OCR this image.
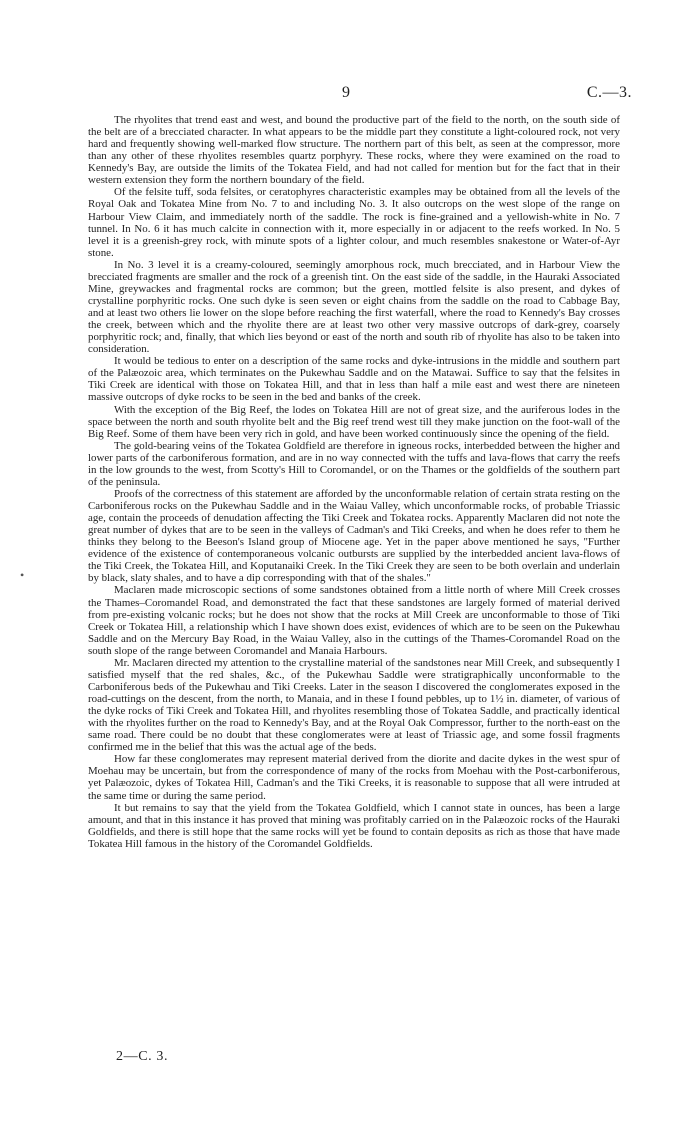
9	C.—3.
•

The rhyolites that trend east and west, and bound the productive part of the field to the north, on the south side of the belt are of a brecciated character. In what appears to be the middle part they constitute a light-coloured rock, not very hard and frequently showing well-marked flow structure. The northern part of this belt, as seen at the compressor, more than any other of these rhyolites resembles quartz porphyry. These rocks, where they were examined on the road to Kennedy's Bay, are outside the limits of the Tokatea Field, and had not called for mention but for the fact that in their western extension they form the northern boundary of the field.

Of the felsite tuff, soda felsites, or ceratophyres characteristic examples may be obtained from all the levels of the Royal Oak and Tokatea Mine from No. 7 to and including No. 3. It also outcrops on the west slope of the range on Harbour View Claim, and immediately north of the saddle. The rock is fine-grained and a yellowish-white in No. 7 tunnel. In No. 6 it has much calcite in connection with it, more especially in or adjacent to the reefs worked. In No. 5 level it is a greenish-grey rock, with minute spots of a lighter colour, and much resembles snakestone or Water-of-Ayr stone.

In No. 3 level it is a creamy-coloured, seemingly amorphous rock, much brecciated, and in Harbour View the brecciated fragments are smaller and the rock of a greenish tint. On the east side of the saddle, in the Hauraki Associated Mine, greywackes and fragmental rocks are common; but the green, mottled felsite is also present, and dykes of crystalline porphyritic rocks. One such dyke is seen seven or eight chains from the saddle on the road to Cabbage Bay, and at least two others lie lower on the slope before reaching the first waterfall, where the road to Kennedy's Bay crosses the creek, between which and the rhyolite there are at least two other very massive outcrops of dark-grey, coarsely porphyritic rock; and, finally, that which lies beyond or east of the north and south rib of rhyolite has also to be taken into consideration.

It would be tedious to enter on a description of the same rocks and dyke-intrusions in the middle and southern part of the Palæozoic area, which terminates on the Pukewhau Saddle and on the Matawai. Suffice to say that the felsites in Tiki Creek are identical with those on Tokatea Hill, and that in less than half a mile east and west there are nineteen massive outcrops of dyke rocks to be seen in the bed and banks of the creek.

With the exception of the Big Reef, the lodes on Tokatea Hill are not of great size, and the auriferous lodes in the space between the north and south rhyolite belt and the Big reef trend west till they make junction on the foot-wall of the Big Reef. Some of them have been very rich in gold, and have been worked continuously since the opening of the field.

The gold-bearing veins of the Tokatea Goldfield are therefore in igneous rocks, interbedded between the higher and lower parts of the carboniferous formation, and are in no way connected with the tuffs and lava-flows that carry the reefs in the low grounds to the west, from Scotty's Hill to Coromandel, or on the Thames or the goldfields of the southern part of the peninsula.

Proofs of the correctness of this statement are afforded by the unconformable relation of certain strata resting on the Carboniferous rocks on the Pukewhau Saddle and in the Waiau Valley, which unconformable rocks, of probable Triassic age, contain the proceeds of denudation affecting the Tiki Creek and Tokatea rocks. Apparently Maclaren did not note the great number of dykes that are to be seen in the valleys of Cadman's and Tiki Creeks, and when he does refer to them he thinks they belong to the Beeson's Island group of Miocene age. Yet in the paper above mentioned he says, "Further evidence of the existence of contemporaneous volcanic outbursts are supplied by the interbedded ancient lava-flows of the Tiki Creek, the Tokatea Hill, and Koputanaiki Creek. In the Tiki Creek they are seen to be both overlain and underlain by black, slaty shales, and to have a dip corresponding with that of the shales."

Maclaren made microscopic sections of some sandstones obtained from a little north of where Mill Creek crosses the Thames–Coromandel Road, and demonstrated the fact that these sandstones are largely formed of material derived from pre-existing volcanic rocks; but he does not show that the rocks at Mill Creek are unconformable to those of Tiki Creek or Tokatea Hill, a relationship which I have shown does exist, evidences of which are to be seen on the Pukewhau Saddle and on the Mercury Bay Road, in the Waiau Valley, also in the cuttings of the Thames-Coromandel Road on the south slope of the range between Coromandel and Manaia Harbours.

Mr. Maclaren directed my attention to the crystalline material of the sandstones near Mill Creek, and subsequently I satisfied myself that the red shales, &c., of the Pukewhau Saddle were stratigraphically unconformable to the Carboniferous beds of the Pukewhau and Tiki Creeks. Later in the season I discovered the conglomerates exposed in the road-cuttings on the descent, from the north, to Manaia, and in these I found pebbles, up to 1½ in. diameter, of various of the dyke rocks of Tiki Creek and Tokatea Hill, and rhyolites resembling those of Tokatea Saddle, and practically identical with the rhyolites further on the road to Kennedy's Bay, and at the Royal Oak Compressor, further to the north-east on the same road. There could be no doubt that these conglomerates were at least of Triassic age, and some fossil fragments confirmed me in the belief that this was the actual age of the beds.

How far these conglomerates may represent material derived from the diorite and dacite dykes in the west spur of Moehau may be uncertain, but from the correspondence of many of the rocks from Moehau with the Post-carboniferous, yet Palæozoic, dykes of Tokatea Hill, Cadman's and the Tiki Creeks, it is reasonable to suppose that all were intruded at the same time or during the same period.

It but remains to say that the yield from the Tokatea Goldfield, which I cannot state in ounces, has been a large amount, and that in this instance it has proved that mining was profitably carried on in the Palæozoic rocks of the Hauraki Goldfields, and there is still hope that the same rocks will yet be found to contain deposits as rich as those that have made Tokatea Hill famous in the history of the Coromandel Goldfields.

2—C. 3.
